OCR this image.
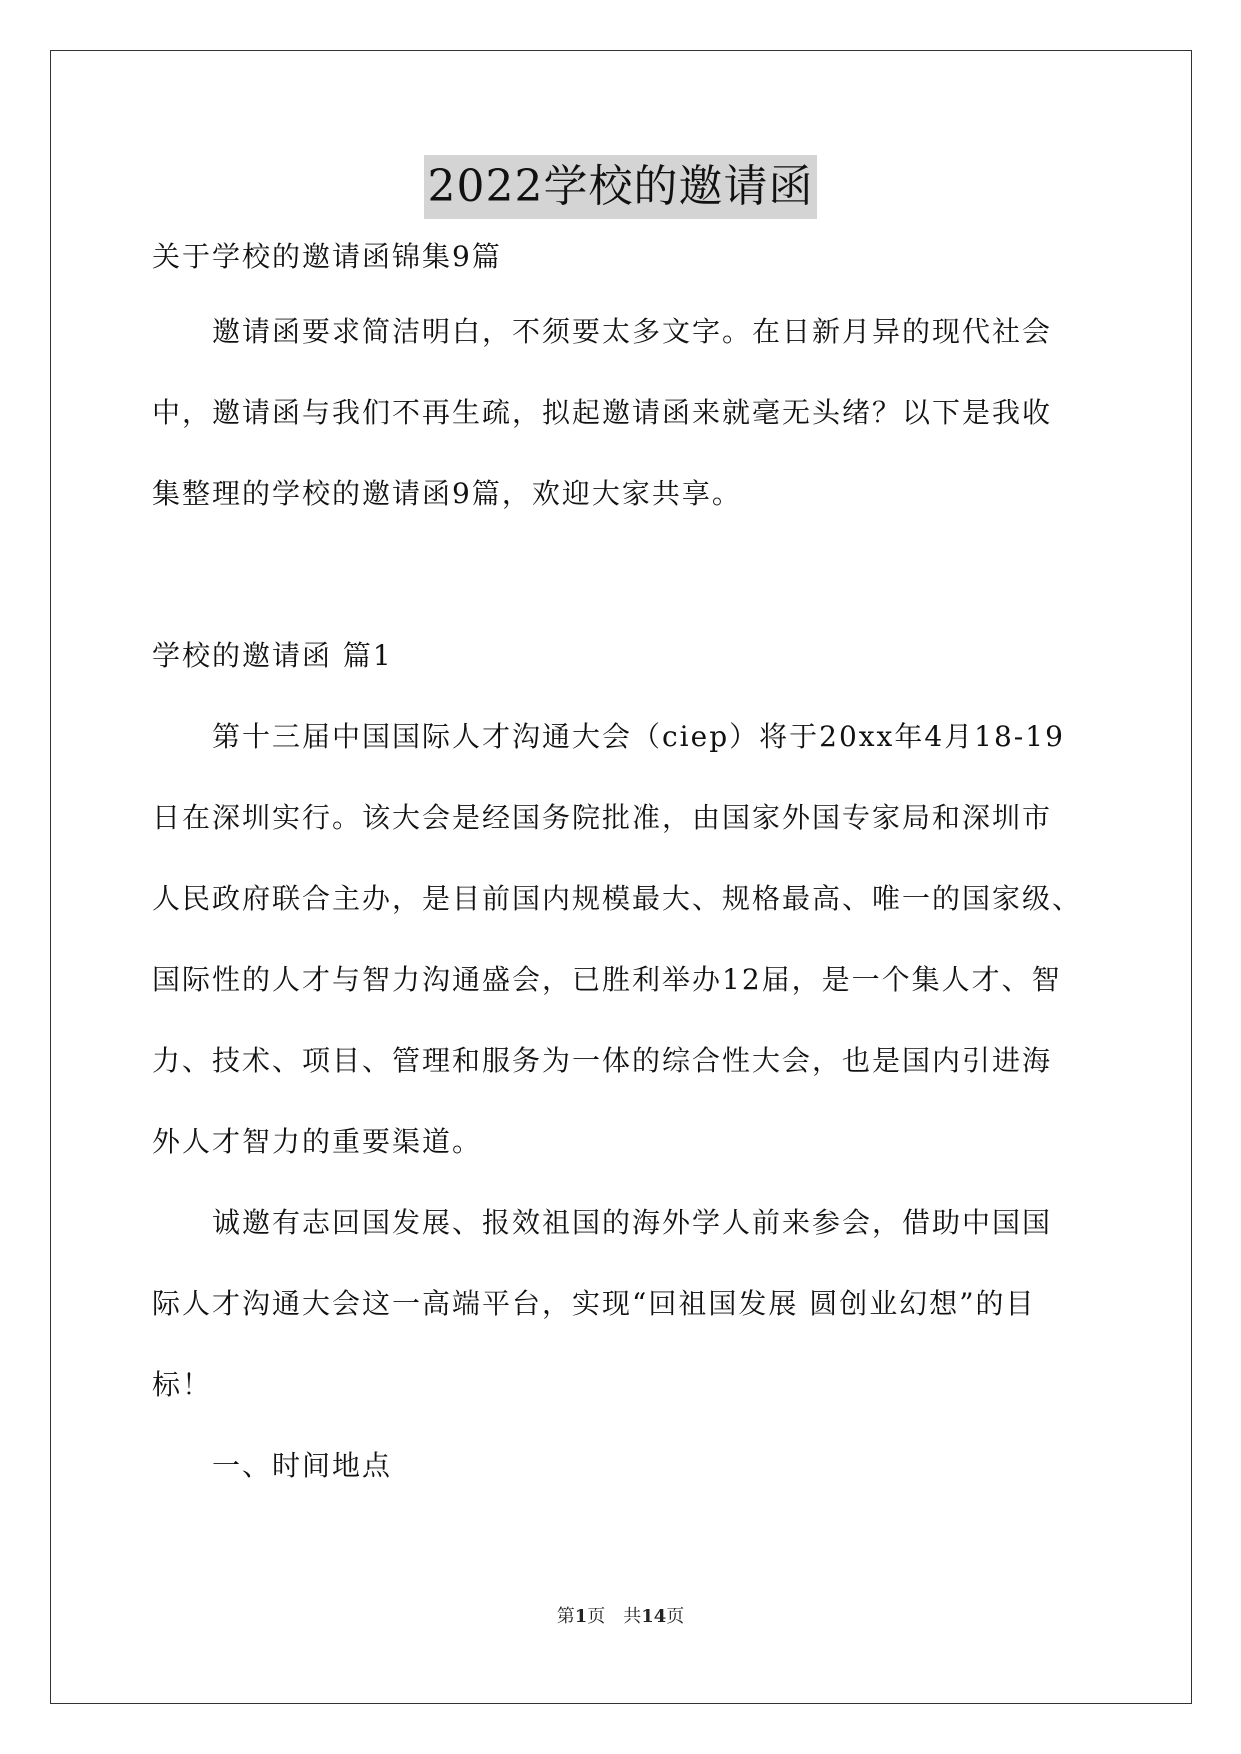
2022学校的邀请函
关于学校的邀请函锦集9篇
　　邀请函要求简洁明白，不须要太多文字。在日新月异的现代社会
中，邀请函与我们不再生疏，拟起邀请函来就毫无头绪？以下是我收
集整理的学校的邀请函9篇，欢迎大家共享。
学校的邀请函 篇1
　　第十三届中国国际人才沟通大会（ciep）将于20xx年4月18-19
日在深圳实行。该大会是经国务院批准，由国家外国专家局和深圳市
人民政府联合主办，是目前国内规模最大、规格最高、唯一的国家级、
国际性的人才与智力沟通盛会，已胜利举办12届，是一个集人才、智
力、技术、项目、管理和服务为一体的综合性大会，也是国内引进海
外人才智力的重要渠道。
　　诚邀有志回国发展、报效祖国的海外学人前来参会，借助中国国
际人才沟通大会这一高端平台，实现“回祖国发展 圆创业幻想”的目
标！
　　一、时间地点
第1页　共14页
